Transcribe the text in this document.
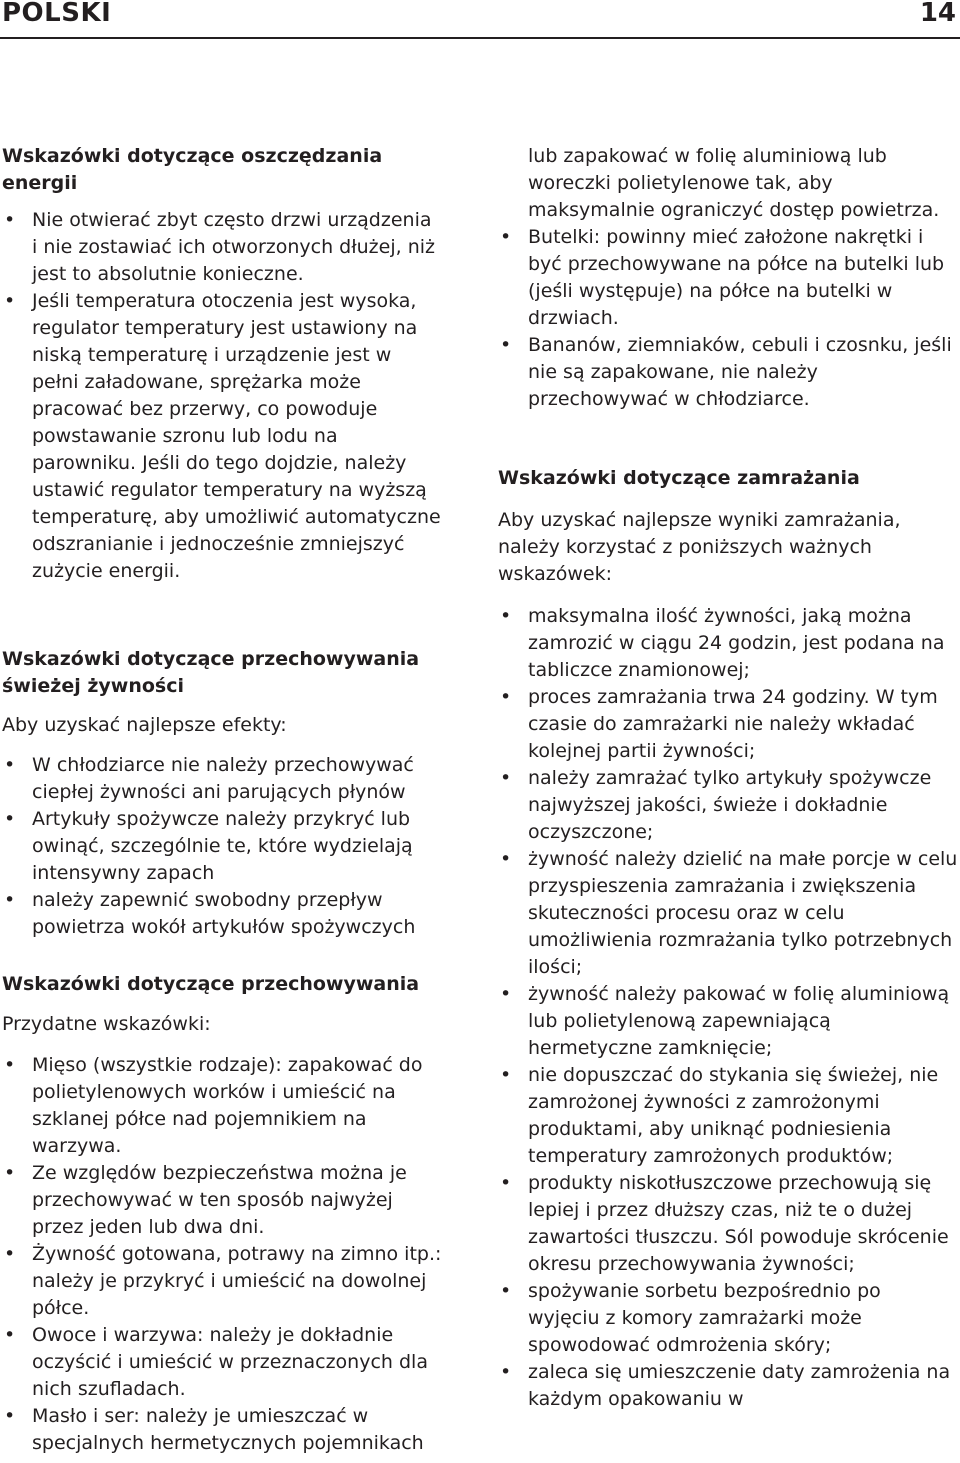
POLSKI	14

Wskazówki dotyczące oszczędzania
energii

• Nie otwierać zbyt często drzwi urządzenia i nie zostawiać ich otworzonych dłużej, niż jest to absolutnie konieczne.
• Jeśli temperatura otoczenia jest wysoka, regulator temperatury jest ustawiony na niską temperaturę i urządzenie jest w pełni załadowane, sprężarka może pracować bez przerwy, co powoduje powstawanie szronu lub lodu na parowniku. Jeśli do tego dojdzie, należy ustawić regulator temperatury na wyższą temperaturę, aby umożliwić automatyczne odszranianie i jednocześnie zmniejszyć zużycie energii.

Wskazówki dotyczące przechowywania
świeżej żywności

Aby uzyskać najlepsze efekty:

• W chłodziarce nie należy przechowywać ciepłej żywności ani parujących płynów
• Artykuły spożywcze należy przykryć lub owinąć, szczególnie te, które wydzielają intensywny zapach
• należy zapewnić swobodny przepływ powietrza wokół artykułów spożywczych

Wskazówki dotyczące przechowywania

Przydatne wskazówki:

• Mięso (wszystkie rodzaje): zapakować do polietylenowych worków i umieścić na szklanej półce nad pojemnikiem na warzywa.
• Ze względów bezpieczeństwa można je przechowywać w ten sposób najwyżej przez jeden lub dwa dni.
• Żywność gotowana, potrawy na zimno itp.: należy je przykryć i umieścić na dowolnej półce.
• Owoce i warzywa: należy je dokładnie oczyścić i umieścić w przeznaczonych dla nich szufladach.
• Masło i ser: należy je umieszczać w specjalnych hermetycznych pojemnikach
lub zapakować w folię aluminiową lub woreczki polietylenowe tak, aby maksymalnie ograniczyć dostęp powietrza.
• Butelki: powinny mieć założone nakrętki i być przechowywane na półce na butelki lub (jeśli występuje) na półce na butelki w drzwiach.
• Bananów, ziemniaków, cebuli i czosnku, jeśli nie są zapakowane, nie należy przechowywać w chłodziarce.

Wskazówki dotyczące zamrażania

Aby uzyskać najlepsze wyniki zamrażania, należy korzystać z poniższych ważnych wskazówek:

• maksymalna ilość żywności, jaką można zamrozić w ciągu 24 godzin, jest podana na tabliczce znamionowej;
• proces zamrażania trwa 24 godziny. W tym czasie do zamrażarki nie należy wkładać kolejnej partii żywności;
• należy zamrażać tylko artykuły spożywcze najwyższej jakości, świeże i dokładnie oczyszczone;
• żywność należy dzielić na małe porcje w celu przyspieszenia zamrażania i zwiększenia skuteczności procesu oraz w celu umożliwienia rozmrażania tylko potrzebnych ilości;
• żywność należy pakować w folię aluminiową lub polietylenową zapewniającą hermetyczne zamknięcie;
• nie dopuszczać do stykania się świeżej, nie zamrożonej żywności z zamrożonymi produktami, aby uniknąć podniesienia temperatury zamrożonych produktów;
• produkty niskotłuszczowe przechowują się lepiej i przez dłuższy czas, niż te o dużej zawartości tłuszczu. Sól powoduje skrócenie okresu przechowywania żywności;
• spożywanie sorbetu bezpośrednio po wyjęciu z komory zamrażarki może spowodować odmrożenia skóry;
• zaleca się umieszczenie daty zamrożenia na każdym opakowaniu w
